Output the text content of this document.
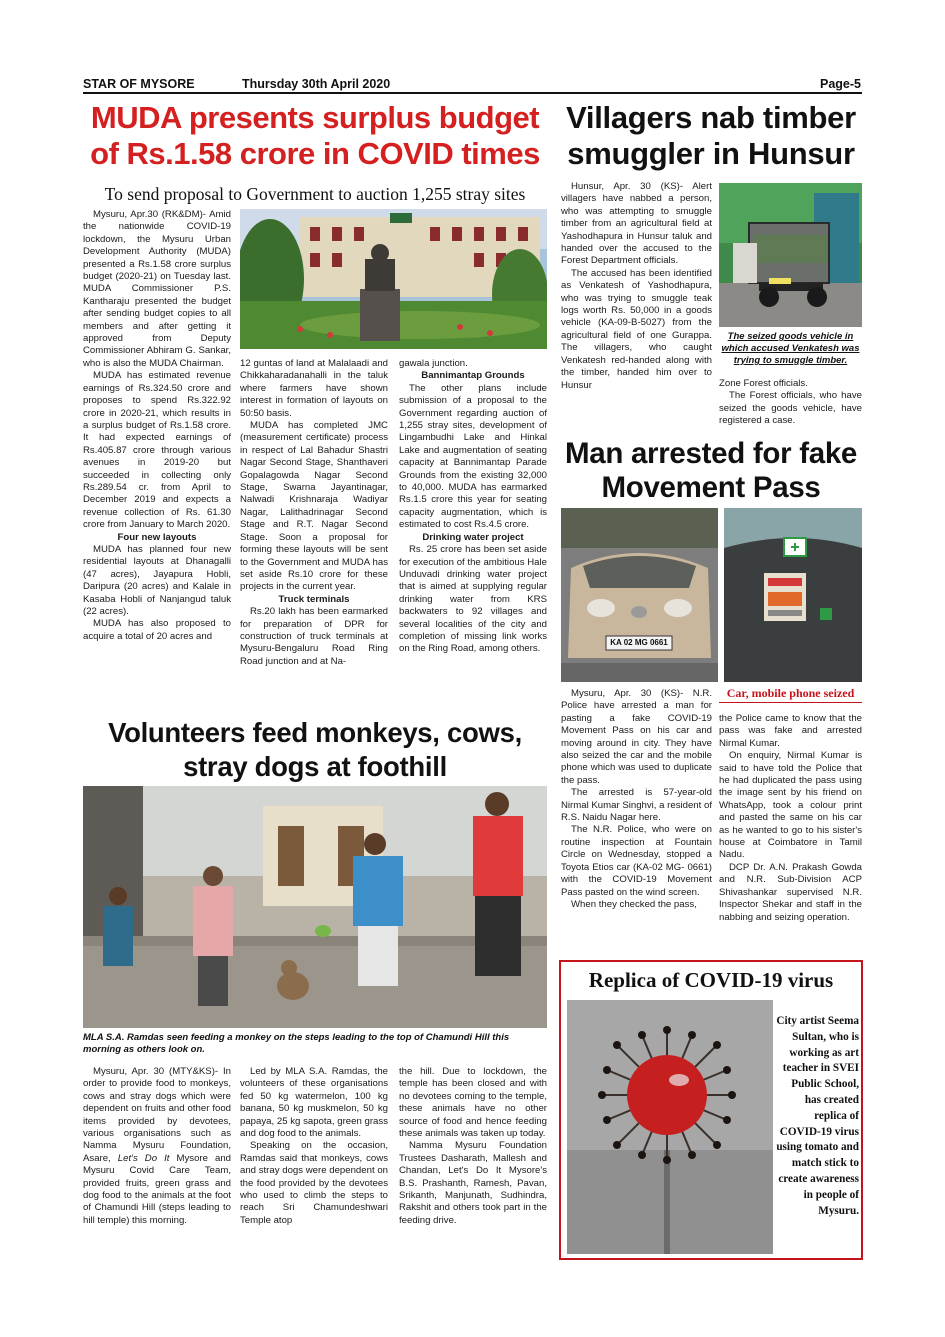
STAR OF MYSORE	Thursday 30th April 2020	Page-5
MUDA presents surplus budget
of Rs.1.58 crore in COVID times
To send proposal to Government to auction 1,255 stray sites

Mysuru, Apr.30 (RK&DM)- Amid the nationwide COVID-19 lockdown, the Mysuru Urban Development Authority (MUDA) presented a Rs.1.58 crore surplus budget (2020-21) on Tuesday last. MUDA Commissioner P.S. Kantharaju presented the budget after sending budget copies to all members and after getting it approved from Deputy Commissioner Abhiram G. Sankar, who is also the MUDA Chairman.

MUDA has estimated revenue earnings of Rs.324.50 crore and proposes to spend Rs.322.92 crore in 2020-21, which results in a surplus budget of Rs.1.58 crore. It had expected earnings of Rs.405.87 crore through various avenues in 2019-20 but succeeded in collecting only Rs.289.54 cr. from April to December 2019 and expects a revenue collection of Rs. 61.30 crore from January to March 2020.

Four new layouts

MUDA has planned four new residential layouts at Dhanagalli (47 acres), Jayapura Hobli, Daripura (20 acres) and Kalale in Kasaba Hobli of Nanjangud taluk (22 acres).

MUDA has also proposed to acquire a total of 20 acres and

12 guntas of land at Malalaadi and Chikkaharadanahalli in the taluk where farmers have shown interest in formation of layouts on 50:50 basis.

MUDA has completed JMC (measurement certificate) process in respect of Lal Bahadur Shastri Nagar Second Stage, Shanthaveri Gopalagowda Nagar Second Stage, Swarna Jayantinagar, Nalwadi Krishnaraja Wadiyar Nagar, Lalithadrinagar Second Stage and R.T. Nagar Second Stage. Soon a proposal for forming these layouts will be sent to the Government and MUDA has set aside Rs.10 crore for these projects in the current year.

Truck terminals

Rs.20 lakh has been earmarked for preparation of DPR for construction of truck terminals at Mysuru-Bengaluru Road Ring Road junction and at Na-

gawala junction.

Bannimantap Grounds

The other plans include submission of a proposal to the Government regarding auction of 1,255 stray sites, development of Lingambudhi Lake and Hinkal Lake and augmentation of seating capacity at Bannimantap Parade Grounds from the existing 32,000 to 40,000. MUDA has earmarked Rs.1.5 crore this year for seating capacity augmentation, which is estimated to cost Rs.4.5 crore.

Drinking water project

Rs. 25 crore has been set aside for execution of the ambitious Hale Unduvadi drinking water project that is aimed at supplying regular drinking water from KRS backwaters to 92 villages and several localities of the city and completion of missing link works on the Ring Road, among others.

Villagers nab timber
smuggler in Hunsur

Hunsur, Apr. 30 (KS)- Alert villagers have nabbed a person, who was attempting to smuggle timber from an agricultural field at Yashodhapura in Hunsur taluk and handed over the accused to the Forest Department officials.

The accused has been identified as Venkatesh of Yashodhapura, who was trying to smuggle teak logs worth Rs. 50,000 in a goods vehicle (KA-09-B-5027) from the agricultural field of one Gurappa. The villagers, who caught Venkatesh red-handed along with the timber, handed him over to Hunsur

The seized goods vehicle in which accused Venkatesh was trying to smuggle timber.

Zone Forest officials.

The Forest officials, who have seized the goods vehicle, have registered a case.

Man arrested for fake
Movement Pass
KA 02 MG 0661
Car, mobile phone seized

Mysuru, Apr. 30 (KS)- N.R. Police have arrested a man for pasting a fake COVID-19 Movement Pass on his car and moving around in city. They have also seized the car and the mobile phone which was used to duplicate the pass.

The arrested is 57-year-old Nirmal Kumar Singhvi, a resident of R.S. Naidu Nagar here.

The N.R. Police, who were on routine inspection at Fountain Circle on Wednesday, stopped a Toyota Etios car (KA-02 MG- 0661) with the COVID-19 Movement Pass pasted on the wind screen.

When they checked the pass,

the Police came to know that the pass was fake and arrested Nirmal Kumar.

On enquiry, Nirmal Kumar is said to have told the Police that he had duplicated the pass using the image sent by his friend on WhatsApp, took a colour print and pasted the same on his car as he wanted to go to his sister's house at Coimbatore in Tamil Nadu.

DCP Dr. A.N. Prakash Gowda and N.R. Sub-Division ACP Shivashankar supervised N.R. Inspector Shekar and staff in the nabbing and seizing operation.

Volunteers feed monkeys, cows,
stray dogs at foothill
MLA S.A. Ramdas seen feeding a monkey on the steps leading to the top of Chamundi Hill this morning as others look on.

Mysuru, Apr. 30 (MTY&KS)- In order to provide food to monkeys, cows and stray dogs which were dependent on fruits and other food items provided by devotees, various organisations such as Namma Mysuru Foundation, Asare, Let's Do It Mysore and Mysuru Covid Care Team, provided fruits, green grass and dog food to the animals at the foot of Chamundi Hill (steps leading to hill temple) this morning.

Led by MLA S.A. Ramdas, the volunteers of these organisations fed 50 kg watermelon, 100 kg banana, 50 kg muskmelon, 50 kg papaya, 25 kg sapota, green grass and dog food to the animals.

Speaking on the occasion, Ramdas said that monkeys, cows and stray dogs were dependent on the food provided by the devotees who used to climb the steps to reach Sri Chamundeshwari Temple atop

the hill. Due to lockdown, the temple has been closed and with no devotees coming to the temple, these animals have no other source of food and hence feeding these animals was taken up today.

Namma Mysuru Foundation Trustees Dasharath, Mallesh and Chandan, Let's Do It Mysore's B.S. Prashanth, Ramesh, Pavan, Srikanth, Manjunath, Sudhindra, Rakshit and others took part in the feeding drive.

Replica of COVID-19 virus
City artist Seema Sultan, who is working as art teacher in SVEI Public School, has created replica of COVID-19 virus using tomato and match stick to create awareness in people of Mysuru.
